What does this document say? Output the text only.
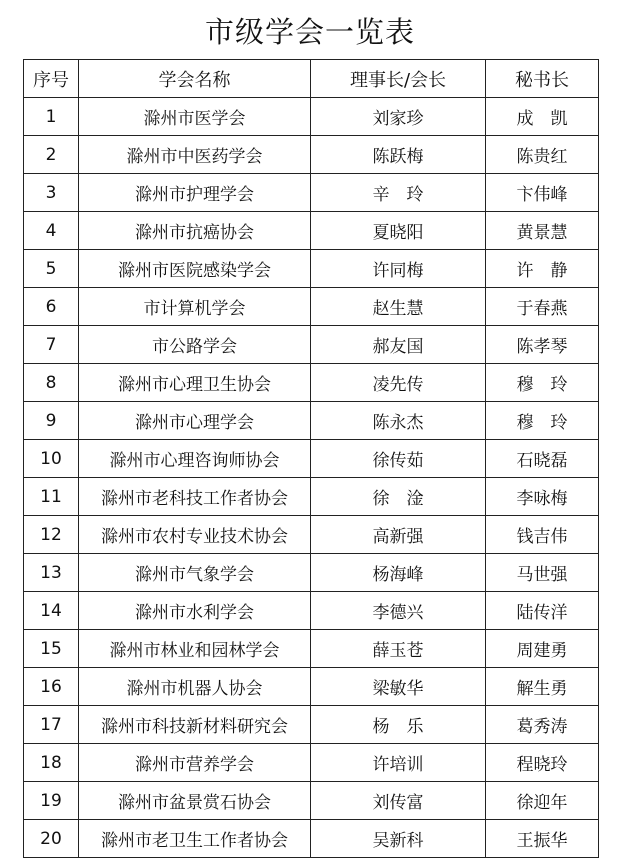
市级学会一览表
序号	学会名称	理事长/会长	秘书长
1	滁州市医学会	刘家珍	成　凯
2	滁州市中医药学会	陈跃梅	陈贵红
3	滁州市护理学会	辛　玲	卞伟峰
4	滁州市抗癌协会	夏晓阳	黄景慧
5	滁州市医院感染学会	许同梅	许　静
6	市计算机学会	赵生慧	于春燕
7	市公路学会	郝友国	陈孝琴
8	滁州市心理卫生协会	凌先传	穆　玲
9	滁州市心理学会	陈永杰	穆　玲
10	滁州市心理咨询师协会	徐传茹	石晓磊
11	滁州市老科技工作者协会	徐　淦	李咏梅
12	滁州市农村专业技术协会	高新强	钱吉伟
13	滁州市气象学会	杨海峰	马世强
14	滁州市水利学会	李德兴	陆传洋
15	滁州市林业和园林学会	薛玉苍	周建勇
16	滁州市机器人协会	梁敏华	解生勇
17	滁州市科技新材料研究会	杨　乐	葛秀涛
18	滁州市营养学会	许培训	程晓玲
19	滁州市盆景赏石协会	刘传富	徐迎年
20	滁州市老卫生工作者协会	吴新科	王振华
